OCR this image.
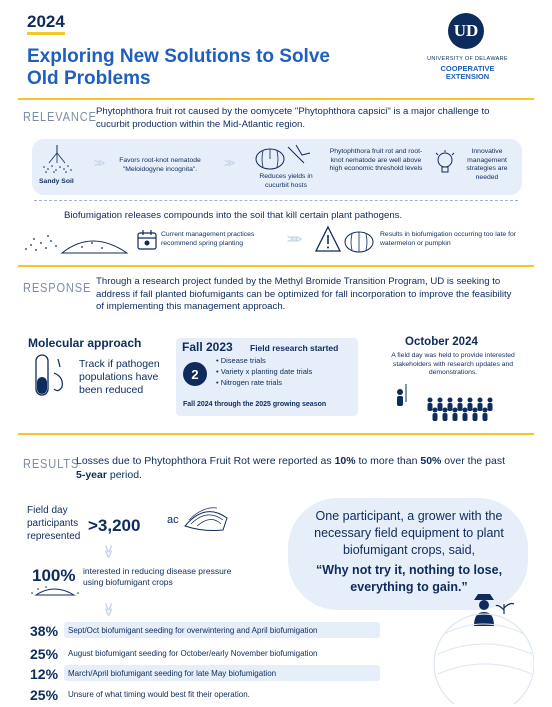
2024
Exploring New Solutions to Solve Old Problems
UD
UNIVERSITY OF DELAWARE
COOPERATIVE
EXTENSION
RELEVANCE Phytophthora fruit rot caused by the oomycete "Phytophthora capsici" is a major challenge to cucurbit production within the Mid-Atlantic region.
Sandy Soil
>>	Favors root-knot nematode "Meloidogyne incognita".	>>
Reduces yields in cucurbit hosts
Phytophthora fruit rot and root-knot nematode are well above high economic threshold levels
Innovative management strategies are needed
Biofumigation releases compounds into the soil that kill certain plant pathogens.
Current management practices recommend spring planting	>>>	Results in biofumigation occurring too late for watermelon or pumpkin
RESPONSE Through a research project funded by the Methyl Bromide Transition Program, UD is seeking to address if fall planted biofumigants can be optimized for fall incorporation to improve the feasibility of implementing this management approach.
Molecular approach
Track if pathogen populations have been reduced
Fall 2023 Field research started
2
• Disease trials
• Variety x planting date trials
• Nitrogen rate trials
Fall 2024 through the 2025 growing season
October 2024
A field day was held to provide interested stakeholders with research updates and demonstrations.
RESULTS
Losses due to Phytophthora Fruit Rot were reported as 10% to more than 50% over the past 5-year period.
Field day participants represented
>3,200 ac
>>
100% interested in reducing disease pressure using biofumigant crops
>>
One participant, a grower with the necessary field equipment to plant biofumigant crops, said,
“Why not try it, nothing to lose, everything to gain.”
38% Sept/Oct biofumigant seeding for overwintering and April biofumigation
25% August biofumigant seeding for October/early November biofumigation
12% March/April biofumigant seeding for late May biofumigation
25% Unsure of what timing would best fit their operation.
